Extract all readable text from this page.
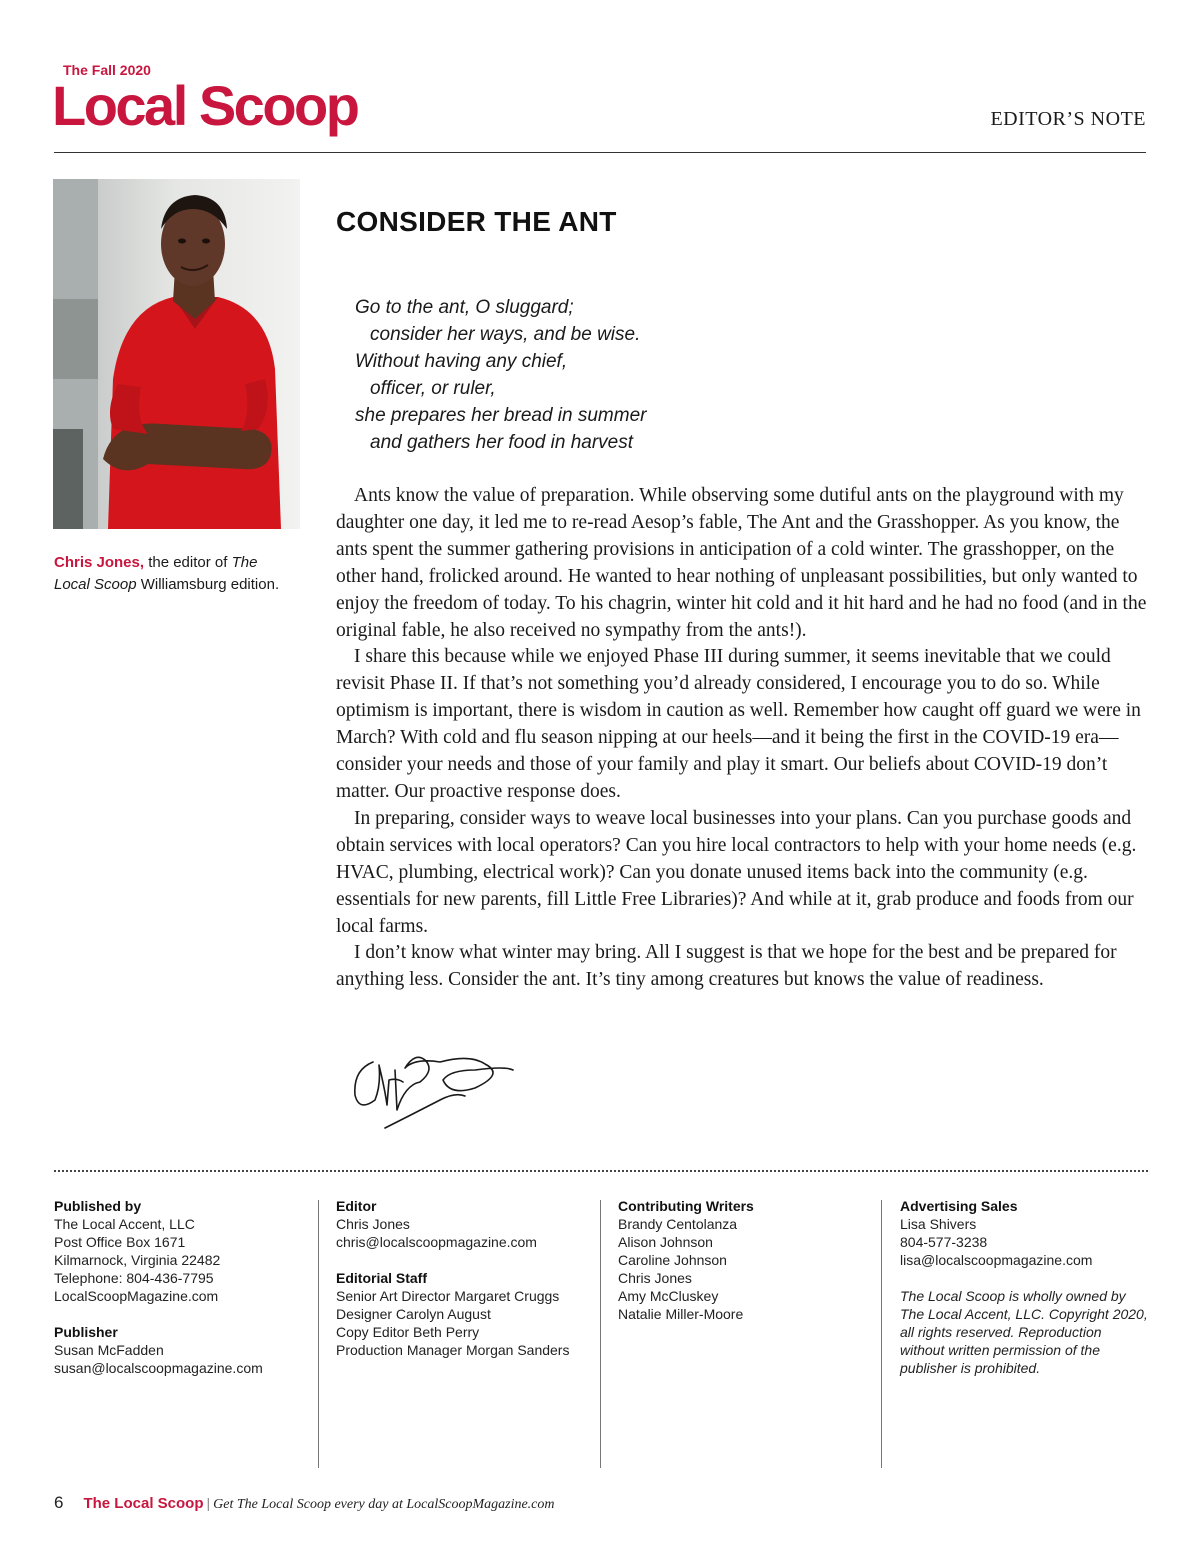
The Fall 2020
Local Scoop	EDITOR’S NOTE
Chris Jones, the editor of The Local Scoop Williamsburg edition.
CONSIDER THE ANT
Go to the ant, O sluggard;
consider her ways, and be wise.
Without having any chief,
officer, or ruler,
she prepares her bread in summer
and gathers her food in harvest

Ants know the value of preparation. While observing some dutiful ants on the playground with my daughter one day, it led me to re-read Aesop’s fable, The Ant and the Grasshopper. As you know, the ants spent the summer gathering provisions in anticipation of a cold winter. The grasshopper, on the other hand, frolicked around. He wanted to hear nothing of unpleasant possibilities, but only wanted to enjoy the freedom of today. To his chagrin, winter hit cold and it hit hard and he had no food (and in the original fable, he also received no sympathy from the ants!).

I share this because while we enjoyed Phase III during summer, it seems inevitable that we could revisit Phase II. If that’s not something you’d already considered, I encourage you to do so. While optimism is important, there is wisdom in caution as well. Remember how caught off guard we were in March? With cold and flu season nipping at our heels—and it being the first in the COVID-19 era—consider your needs and those of your family and play it smart. Our beliefs about COVID-19 don’t matter. Our proactive response does.

In preparing, consider ways to weave local businesses into your plans. Can you purchase goods and obtain services with local operators? Can you hire local contractors to help with your home needs (e.g. HVAC, plumbing, electrical work)? Can you donate unused items back into the community (e.g. essentials for new parents, fill Little Free Libraries)? And while at it, grab produce and foods from our local farms.

I don’t know what winter may bring. All I suggest is that we hope for the best and be prepared for anything less. Consider the ant. It’s tiny among creatures but knows the value of readiness.

Published by
The Local Accent, LLC
Post Office Box 1671
Kilmarnock, Virginia 22482
Telephone: 804-436-7795
LocalScoopMagazine.com
Publisher
Susan McFadden
susan@localscoopmagazine.com
Editor
Chris Jones
chris@localscoopmagazine.com
Editorial Staff
Senior Art Director Margaret Cruggs
Designer Carolyn August
Copy Editor Beth Perry
Production Manager Morgan Sanders
Contributing Writers
Brandy Centolanza
Alison Johnson
Caroline Johnson
Chris Jones
Amy McCluskey
Natalie Miller-Moore
Advertising Sales
Lisa Shivers
804-577-3238
lisa@localscoopmagazine.com
The Local Scoop is wholly owned by
The Local Accent, LLC. Copyright 2020,
all rights reserved. Reproduction
without written permission of the
publisher is prohibited.
6 The Local Scoop | Get The Local Scoop every day at LocalScoopMagazine.com
